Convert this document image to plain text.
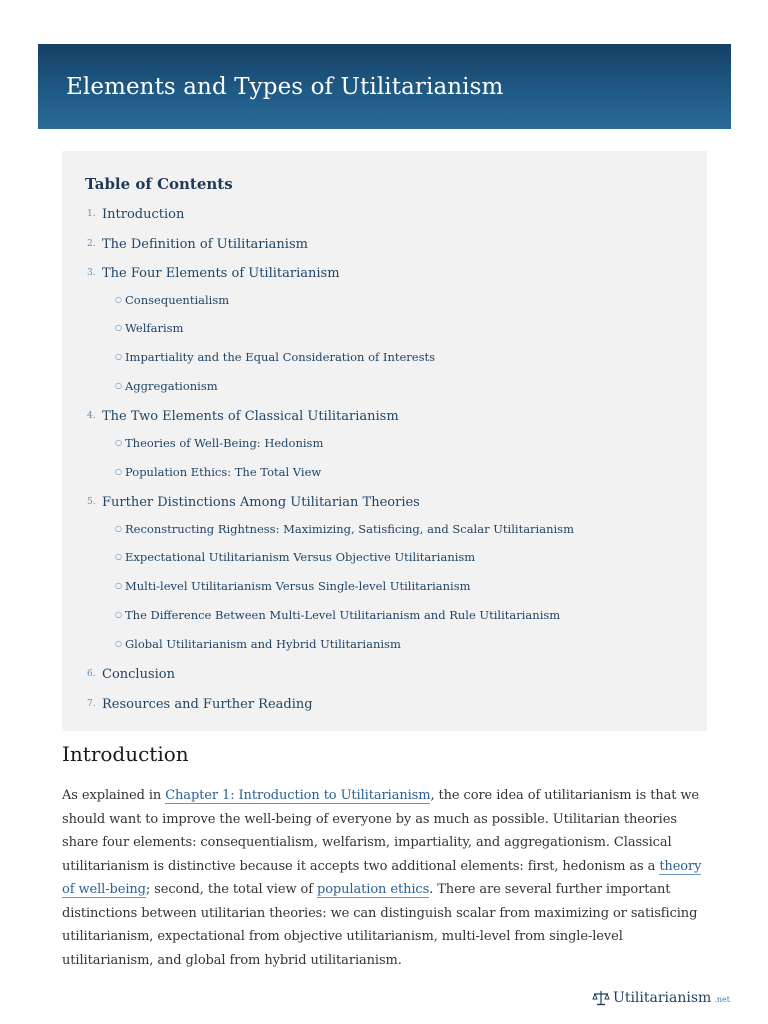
Elements and Types of Utilitarianism
Table of Contents
1. Introduction
2. The Definition of Utilitarianism
3. The Four Elements of Utilitarianism
○ Consequentialism
○ Welfarism
○ Impartiality and the Equal Consideration of Interests
○ Aggregationism
4. The Two Elements of Classical Utilitarianism
○ Theories of Well-Being: Hedonism
○ Population Ethics: The Total View
5. Further Distinctions Among Utilitarian Theories
○ Reconstructing Rightness: Maximizing, Satisficing, and Scalar Utilitarianism
○ Expectational Utilitarianism Versus Objective Utilitarianism
○ Multi-level Utilitarianism Versus Single-level Utilitarianism
○ The Difference Between Multi-Level Utilitarianism and Rule Utilitarianism
○ Global Utilitarianism and Hybrid Utilitarianism
6. Conclusion
7. Resources and Further Reading
Introduction

As explained in Chapter 1: Introduction to Utilitarianism, the core idea of utilitarianism is that we should want to improve the well-being of everyone by as much as possible. Utilitarian theories share four elements: consequentialism, welfarism, impartiality, and aggregationism. Classical utilitarianism is distinctive because it accepts two additional elements: first, hedonism as a theory of well-being; second, the total view of population ethics. There are several further important distinctions between utilitarian theories: we can distinguish scalar from maximizing or satisficing utilitarianism, expectational from objective utilitarianism, multi-level from single-level utilitarianism, and global from hybrid utilitarianism.

Utilitarianism .net
